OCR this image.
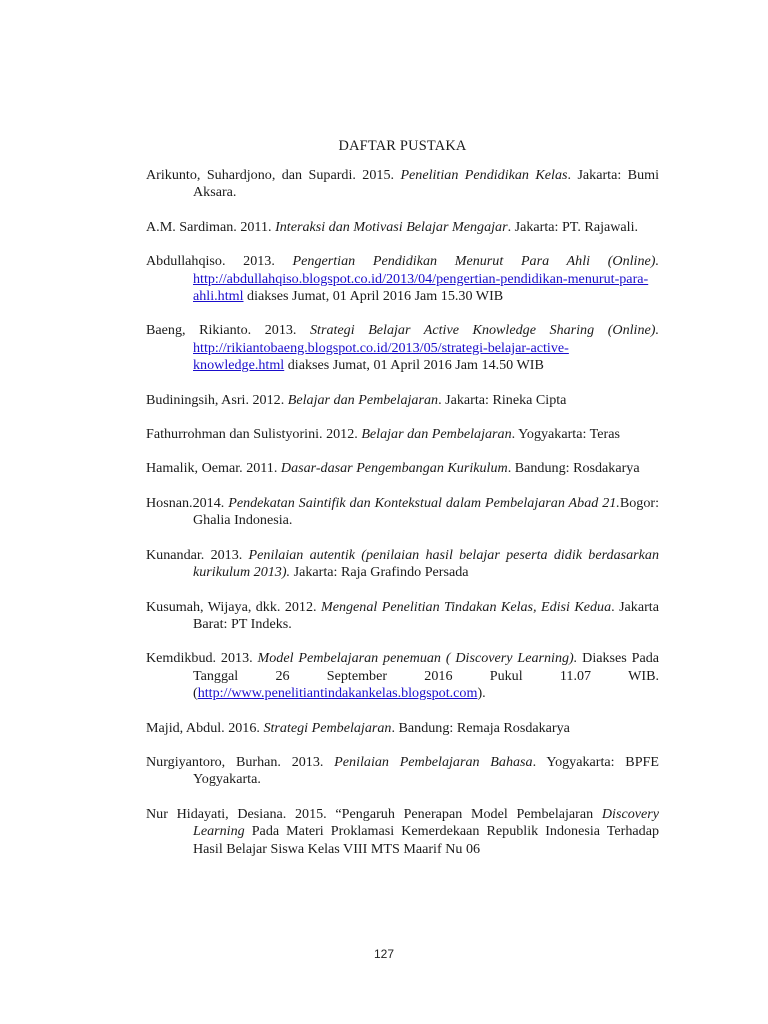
DAFTAR PUSTAKA

Arikunto, Suhardjono, dan Supardi. 2015. Penelitian Pendidikan Kelas. Jakarta: Bumi Aksara.

A.M. Sardiman. 2011. Interaksi dan Motivasi Belajar Mengajar. Jakarta: PT. Rajawali.

Abdullahqiso. 2013. Pengertian Pendidikan Menurut Para Ahli (Online). http://abdullahqiso.blogspot.co.id/2013/04/pengertian-pendidikan-menurut-para-ahli.html diakses Jumat, 01 April 2016 Jam 15.30 WIB

Baeng, Rikianto. 2013. Strategi Belajar Active Knowledge Sharing (Online). http://rikiantobaeng.blogspot.co.id/2013/05/strategi-belajar-active-knowledge.html diakses Jumat, 01 April 2016 Jam 14.50 WIB

Budiningsih, Asri. 2012. Belajar dan Pembelajaran. Jakarta: Rineka Cipta

Fathurrohman dan Sulistyorini. 2012. Belajar dan Pembelajaran. Yogyakarta: Teras

Hamalik, Oemar. 2011. Dasar-dasar Pengembangan Kurikulum. Bandung: Rosdakarya

Hosnan.2014. Pendekatan Saintifik dan Kontekstual dalam Pembelajaran Abad 21.Bogor: Ghalia Indonesia.

Kunandar. 2013. Penilaian autentik (penilaian hasil belajar peserta didik berdasarkan kurikulum 2013). Jakarta: Raja Grafindo Persada

Kusumah, Wijaya, dkk. 2012. Mengenal Penelitian Tindakan Kelas, Edisi Kedua. Jakarta Barat: PT Indeks.

Kemdikbud. 2013. Model Pembelajaran penemuan ( Discovery Learning). Diakses Pada Tanggal 26 September 2016 Pukul 11.07 WIB. (http://www.penelitiantindakankelas.blogspot.com).

Majid, Abdul. 2016. Strategi Pembelajaran. Bandung: Remaja Rosdakarya

Nurgiyantoro, Burhan. 2013. Penilaian Pembelajaran Bahasa. Yogyakarta: BPFE Yogyakarta.

Nur Hidayati, Desiana. 2015. “Pengaruh Penerapan Model Pembelajaran Discovery Learning Pada Materi Proklamasi Kemerdekaan Republik Indonesia Terhadap Hasil Belajar Siswa Kelas VIII MTS Maarif Nu 06

127
